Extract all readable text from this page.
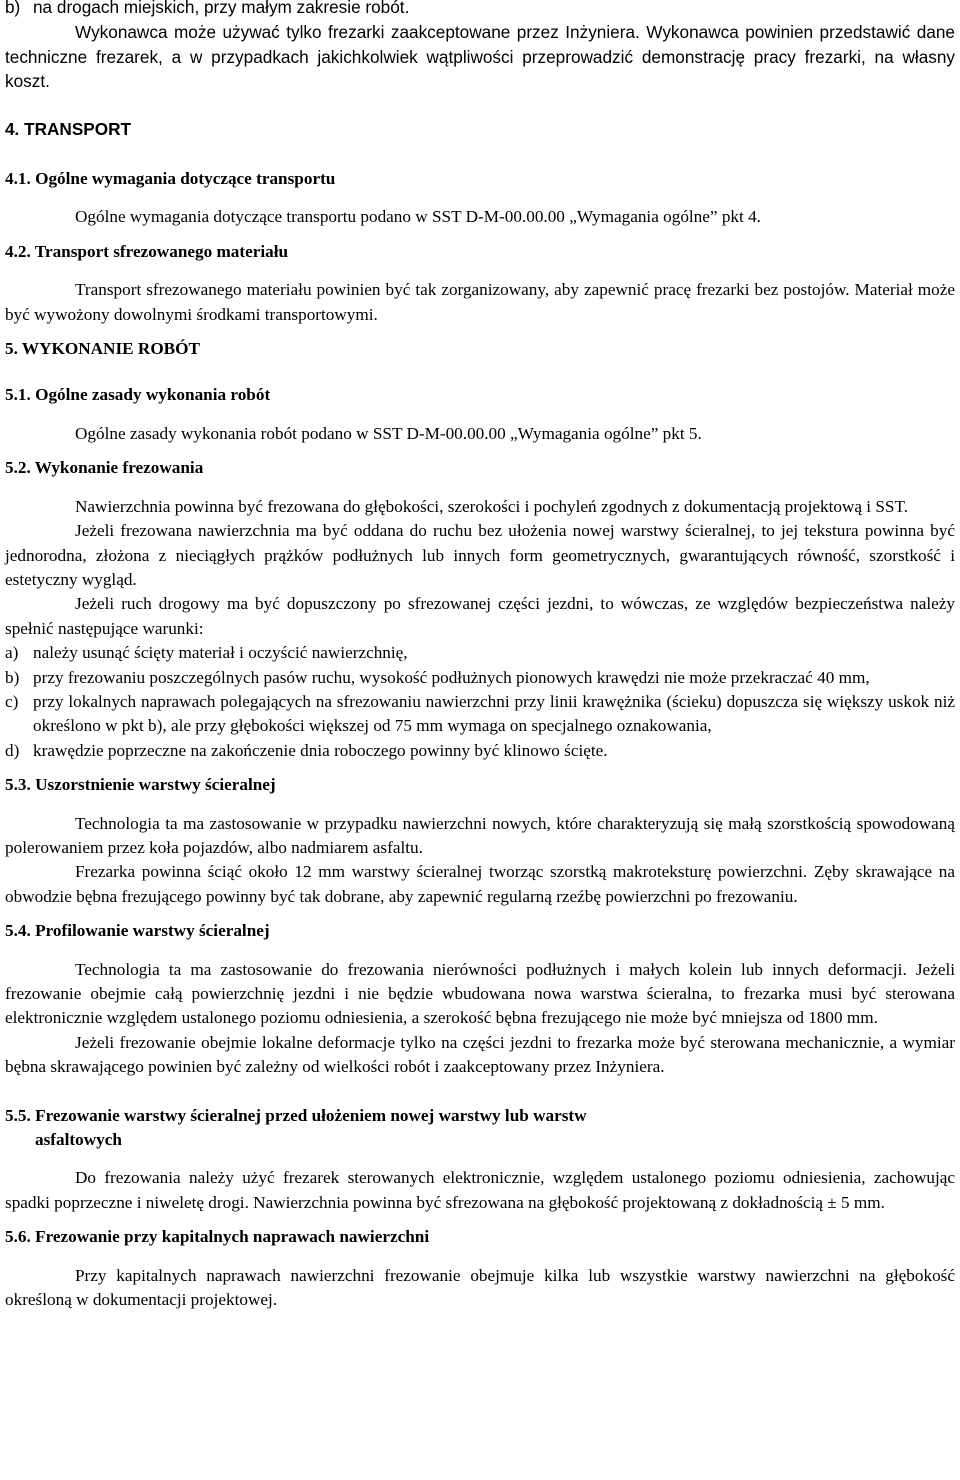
b) na drogach miejskich, przy małym zakresie robót.

Wykonawca może używać tylko frezarki zaakceptowane przez Inżyniera. Wykonawca powinien przedstawić dane techniczne frezarek, a w przypadkach jakichkolwiek wątpliwości przeprowadzić demonstrację pracy frezarki, na własny koszt.

4. TRANSPORT

4.1. Ogólne wymagania dotyczące transportu

Ogólne wymagania dotyczące transportu podano w SST D-M-00.00.00 „Wymagania ogólne” pkt 4.

4.2. Transport sfrezowanego materiału

Transport sfrezowanego materiału powinien być tak zorganizowany, aby zapewnić pracę frezarki bez postojów. Materiał może być wywożony dowolnymi środkami transportowymi.

5. WYKONANIE ROBÓT

5.1. Ogólne zasady wykonania robót

Ogólne zasady wykonania robót podano w SST D-M-00.00.00 „Wymagania ogólne” pkt 5.

5.2. Wykonanie frezowania

Nawierzchnia powinna być frezowana do głębokości, szerokości i pochyleń zgodnych z dokumentacją projektową i SST.

Jeżeli frezowana nawierzchnia ma być oddana do ruchu bez ułożenia nowej warstwy ścieralnej, to jej tekstura powinna być jednorodna, złożona z nieciągłych prążków podłużnych lub innych form geometrycznych, gwarantujących równość, szorstkość i estetyczny wygląd.

Jeżeli ruch drogowy ma być dopuszczony po sfrezowanej części jezdni, to wówczas, ze względów bezpieczeństwa należy spełnić następujące warunki:

a) należy usunąć ścięty materiał i oczyścić nawierzchnię,
b) przy frezowaniu poszczególnych pasów ruchu, wysokość podłużnych pionowych krawędzi nie może przekraczać 40 mm,
c) przy lokalnych naprawach polegających na sfrezowaniu nawierzchni przy linii krawężnika (ścieku) dopuszcza się większy uskok niż określono w pkt b), ale przy głębokości większej od 75 mm wymaga on specjalnego oznakowania,
d) krawędzie poprzeczne na zakończenie dnia roboczego powinny być klinowo ścięte.

5.3. Uszorstnienie warstwy ścieralnej

Technologia ta ma zastosowanie w przypadku nawierzchni nowych, które charakteryzują się małą szorstkością spowodowaną polerowaniem przez koła pojazdów, albo nadmiarem asfaltu.

Frezarka powinna ściąć około 12 mm warstwy ścieralnej tworząc szorstką makroteksturę powierzchni. Zęby skrawające na obwodzie bębna frezującego powinny być tak dobrane, aby zapewnić regularną rzeźbę powierzchni po frezowaniu.

5.4. Profilowanie warstwy ścieralnej

Technologia ta ma zastosowanie do frezowania nierówności podłużnych i małych kolein lub innych deformacji. Jeżeli frezowanie obejmie całą powierzchnię jezdni i nie będzie wbudowana nowa warstwa ścieralna, to frezarka musi być sterowana elektronicznie względem ustalonego poziomu odniesienia, a szerokość bębna frezującego nie może być mniejsza od 1800 mm.

Jeżeli frezowanie obejmie lokalne deformacje tylko na części jezdni to frezarka może być sterowana mechanicznie, a wymiar bębna skrawającego powinien być zależny od wielkości robót i zaakceptowany przez Inżyniera.

5.5. Frezowanie warstwy ścieralnej przed ułożeniem nowej warstwy lub warstw
asfaltowych

Do frezowania należy użyć frezarek sterowanych elektronicznie, względem ustalonego poziomu odniesienia, zachowując spadki poprzeczne i niweletę drogi. Nawierzchnia powinna być sfrezowana na głębokość projektowaną z dokładnością ± 5 mm.

5.6. Frezowanie przy kapitalnych naprawach nawierzchni

Przy kapitalnych naprawach nawierzchni frezowanie obejmuje kilka lub wszystkie warstwy nawierzchni na głębokość określoną w dokumentacji projektowej.
